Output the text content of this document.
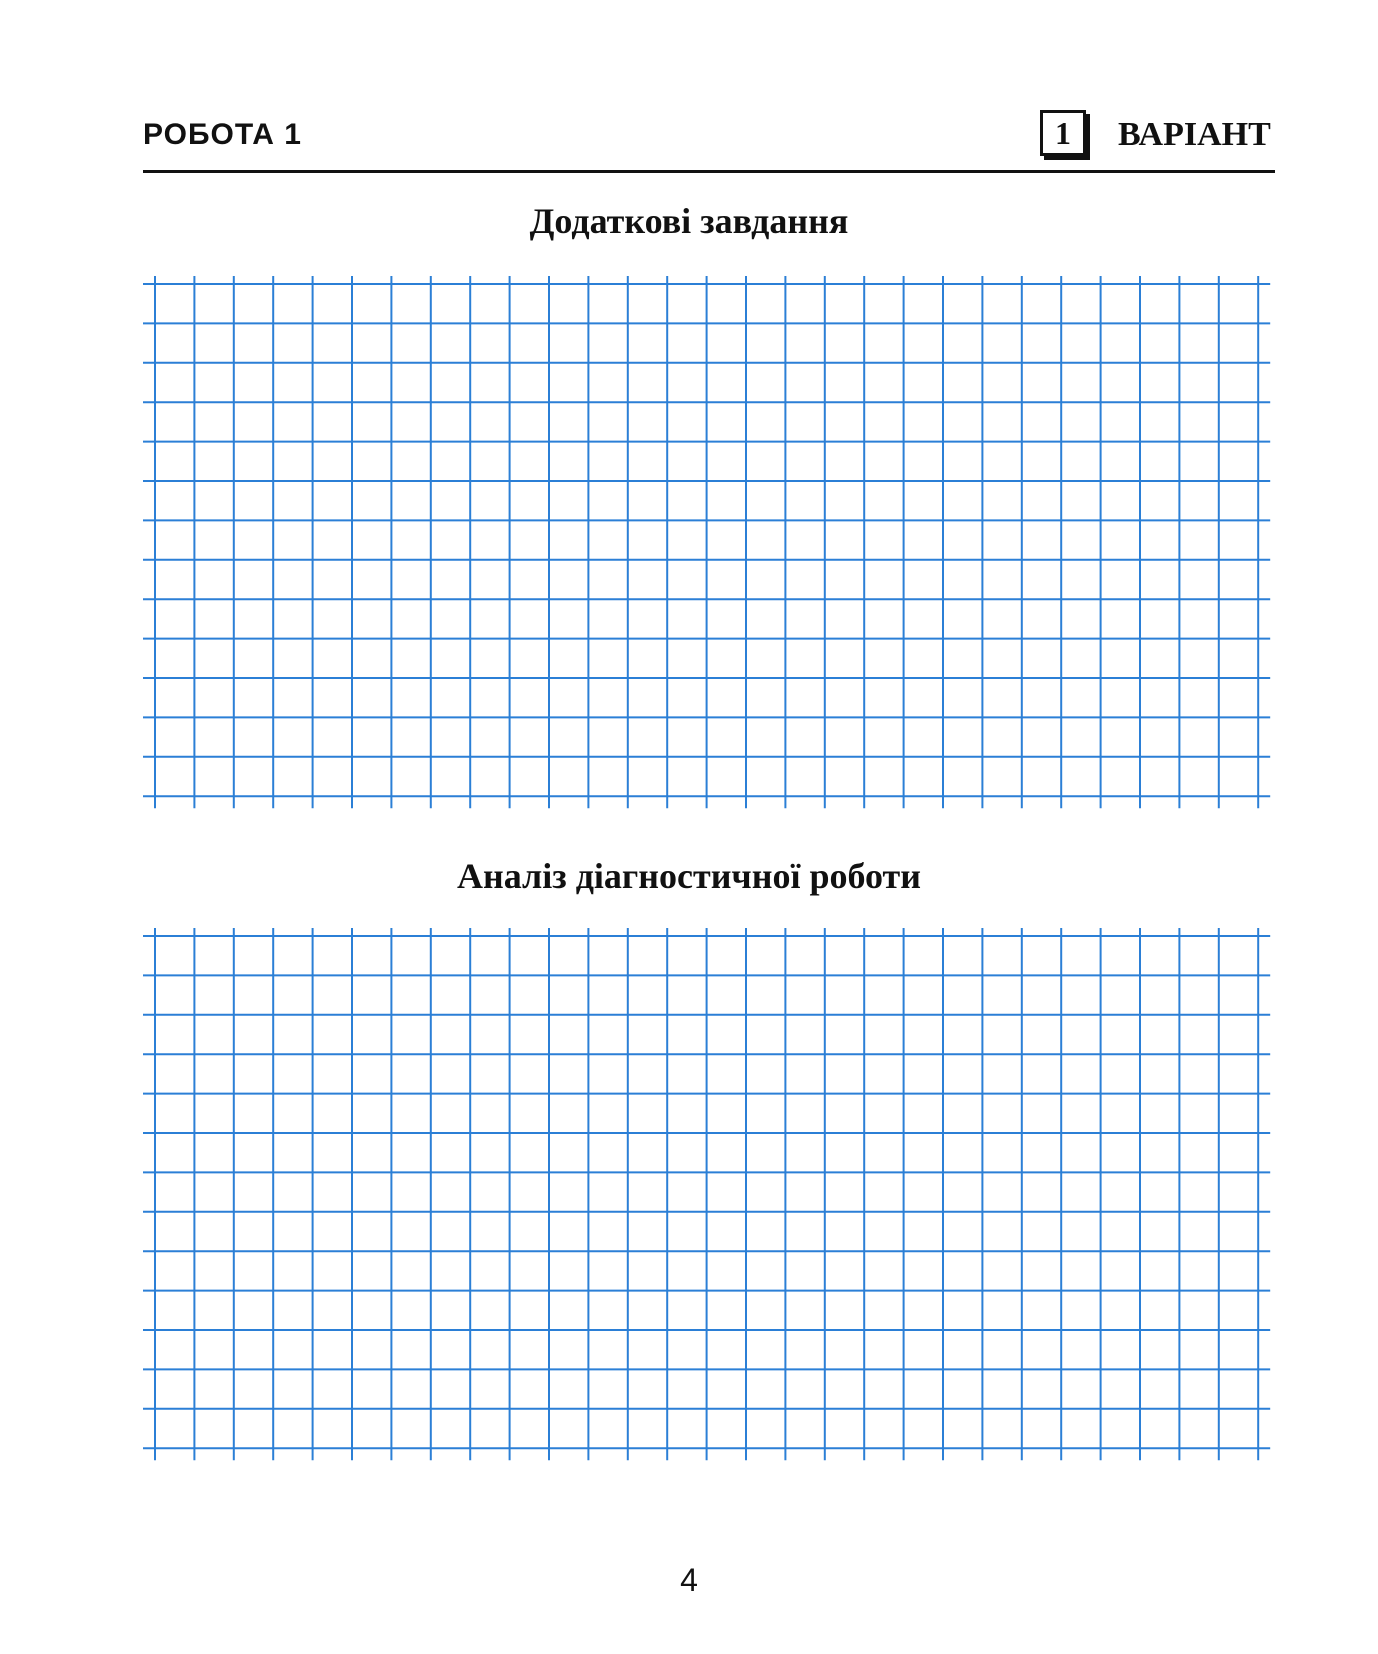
РОБОТА 1	1	ВАРІАНТ
Додаткові завдання
Аналіз діагностичної роботи
4
